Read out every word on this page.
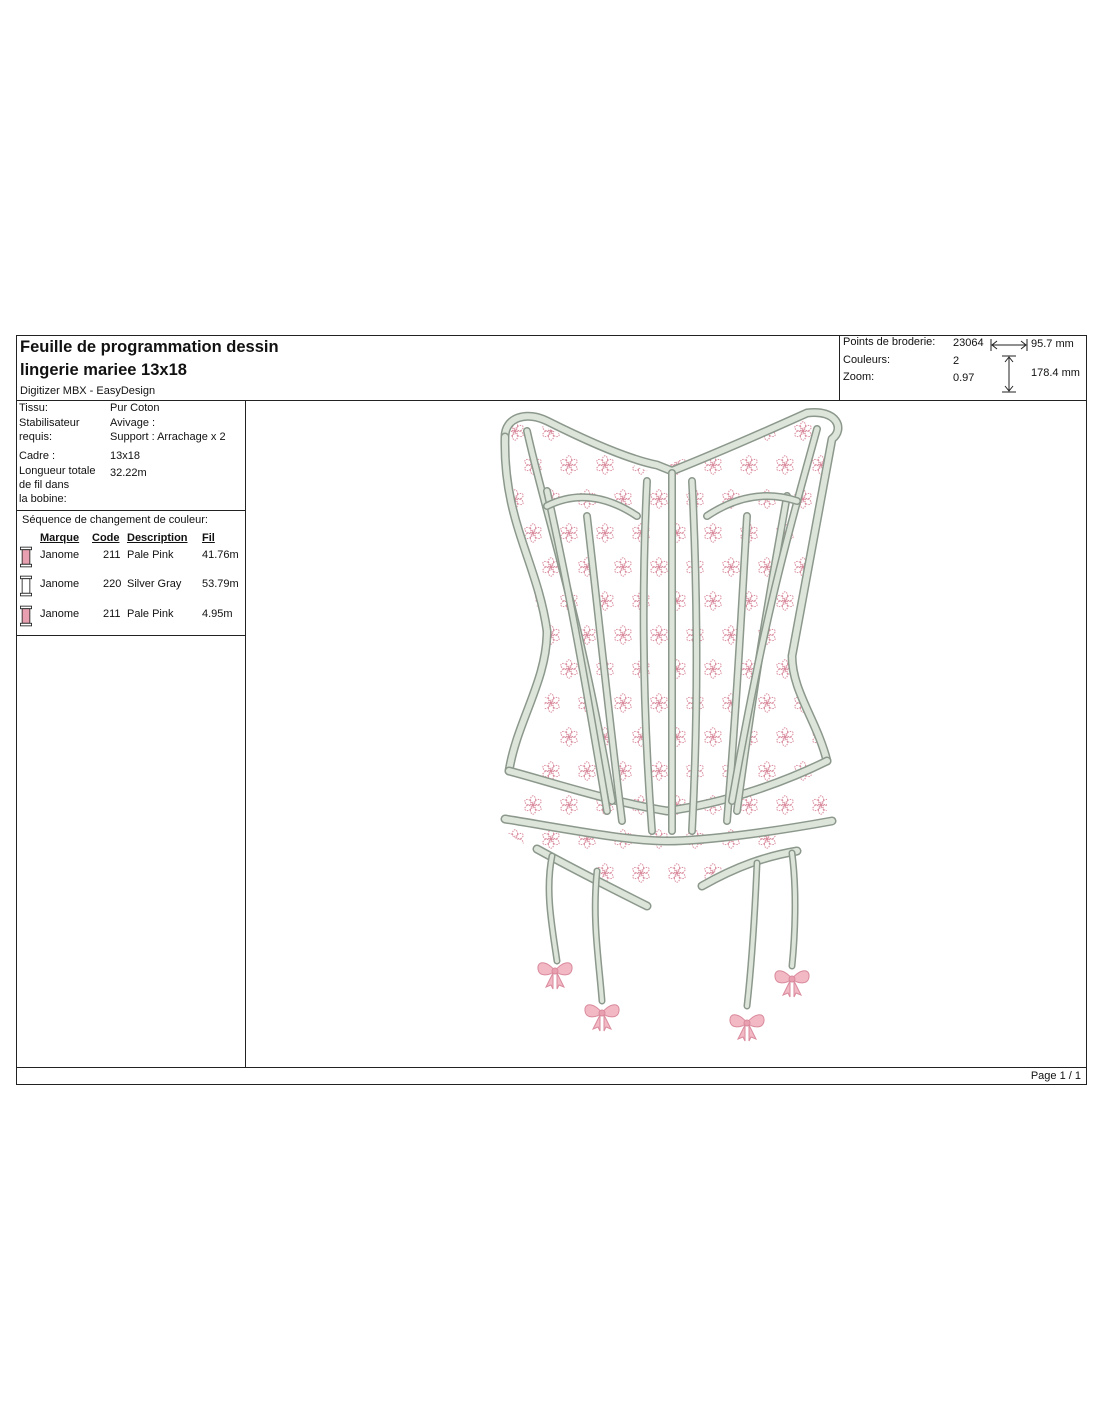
Feuille de programmation dessin
lingerie mariee 13x18
Digitizer MBX - EasyDesign
Points de broderie: 23064
Couleurs:	2
Zoom:	0.97
95.7 mm
178.4 mm
Tissu:	Pur Coton
Stabilisateur
requis:
Avivage :
Support : Arrachage x 2
Cadre :	13x18
Longueur totale
de fil dans
la bobine:
32.22m
Séquence de changement de couleur:
Marque Code Description Fil
Janome 211 Pale Pink	41.76m
Janome 220 Silver Gray 53.79m
Janome 211 Pale Pink	4.95m
Page 1 / 1
